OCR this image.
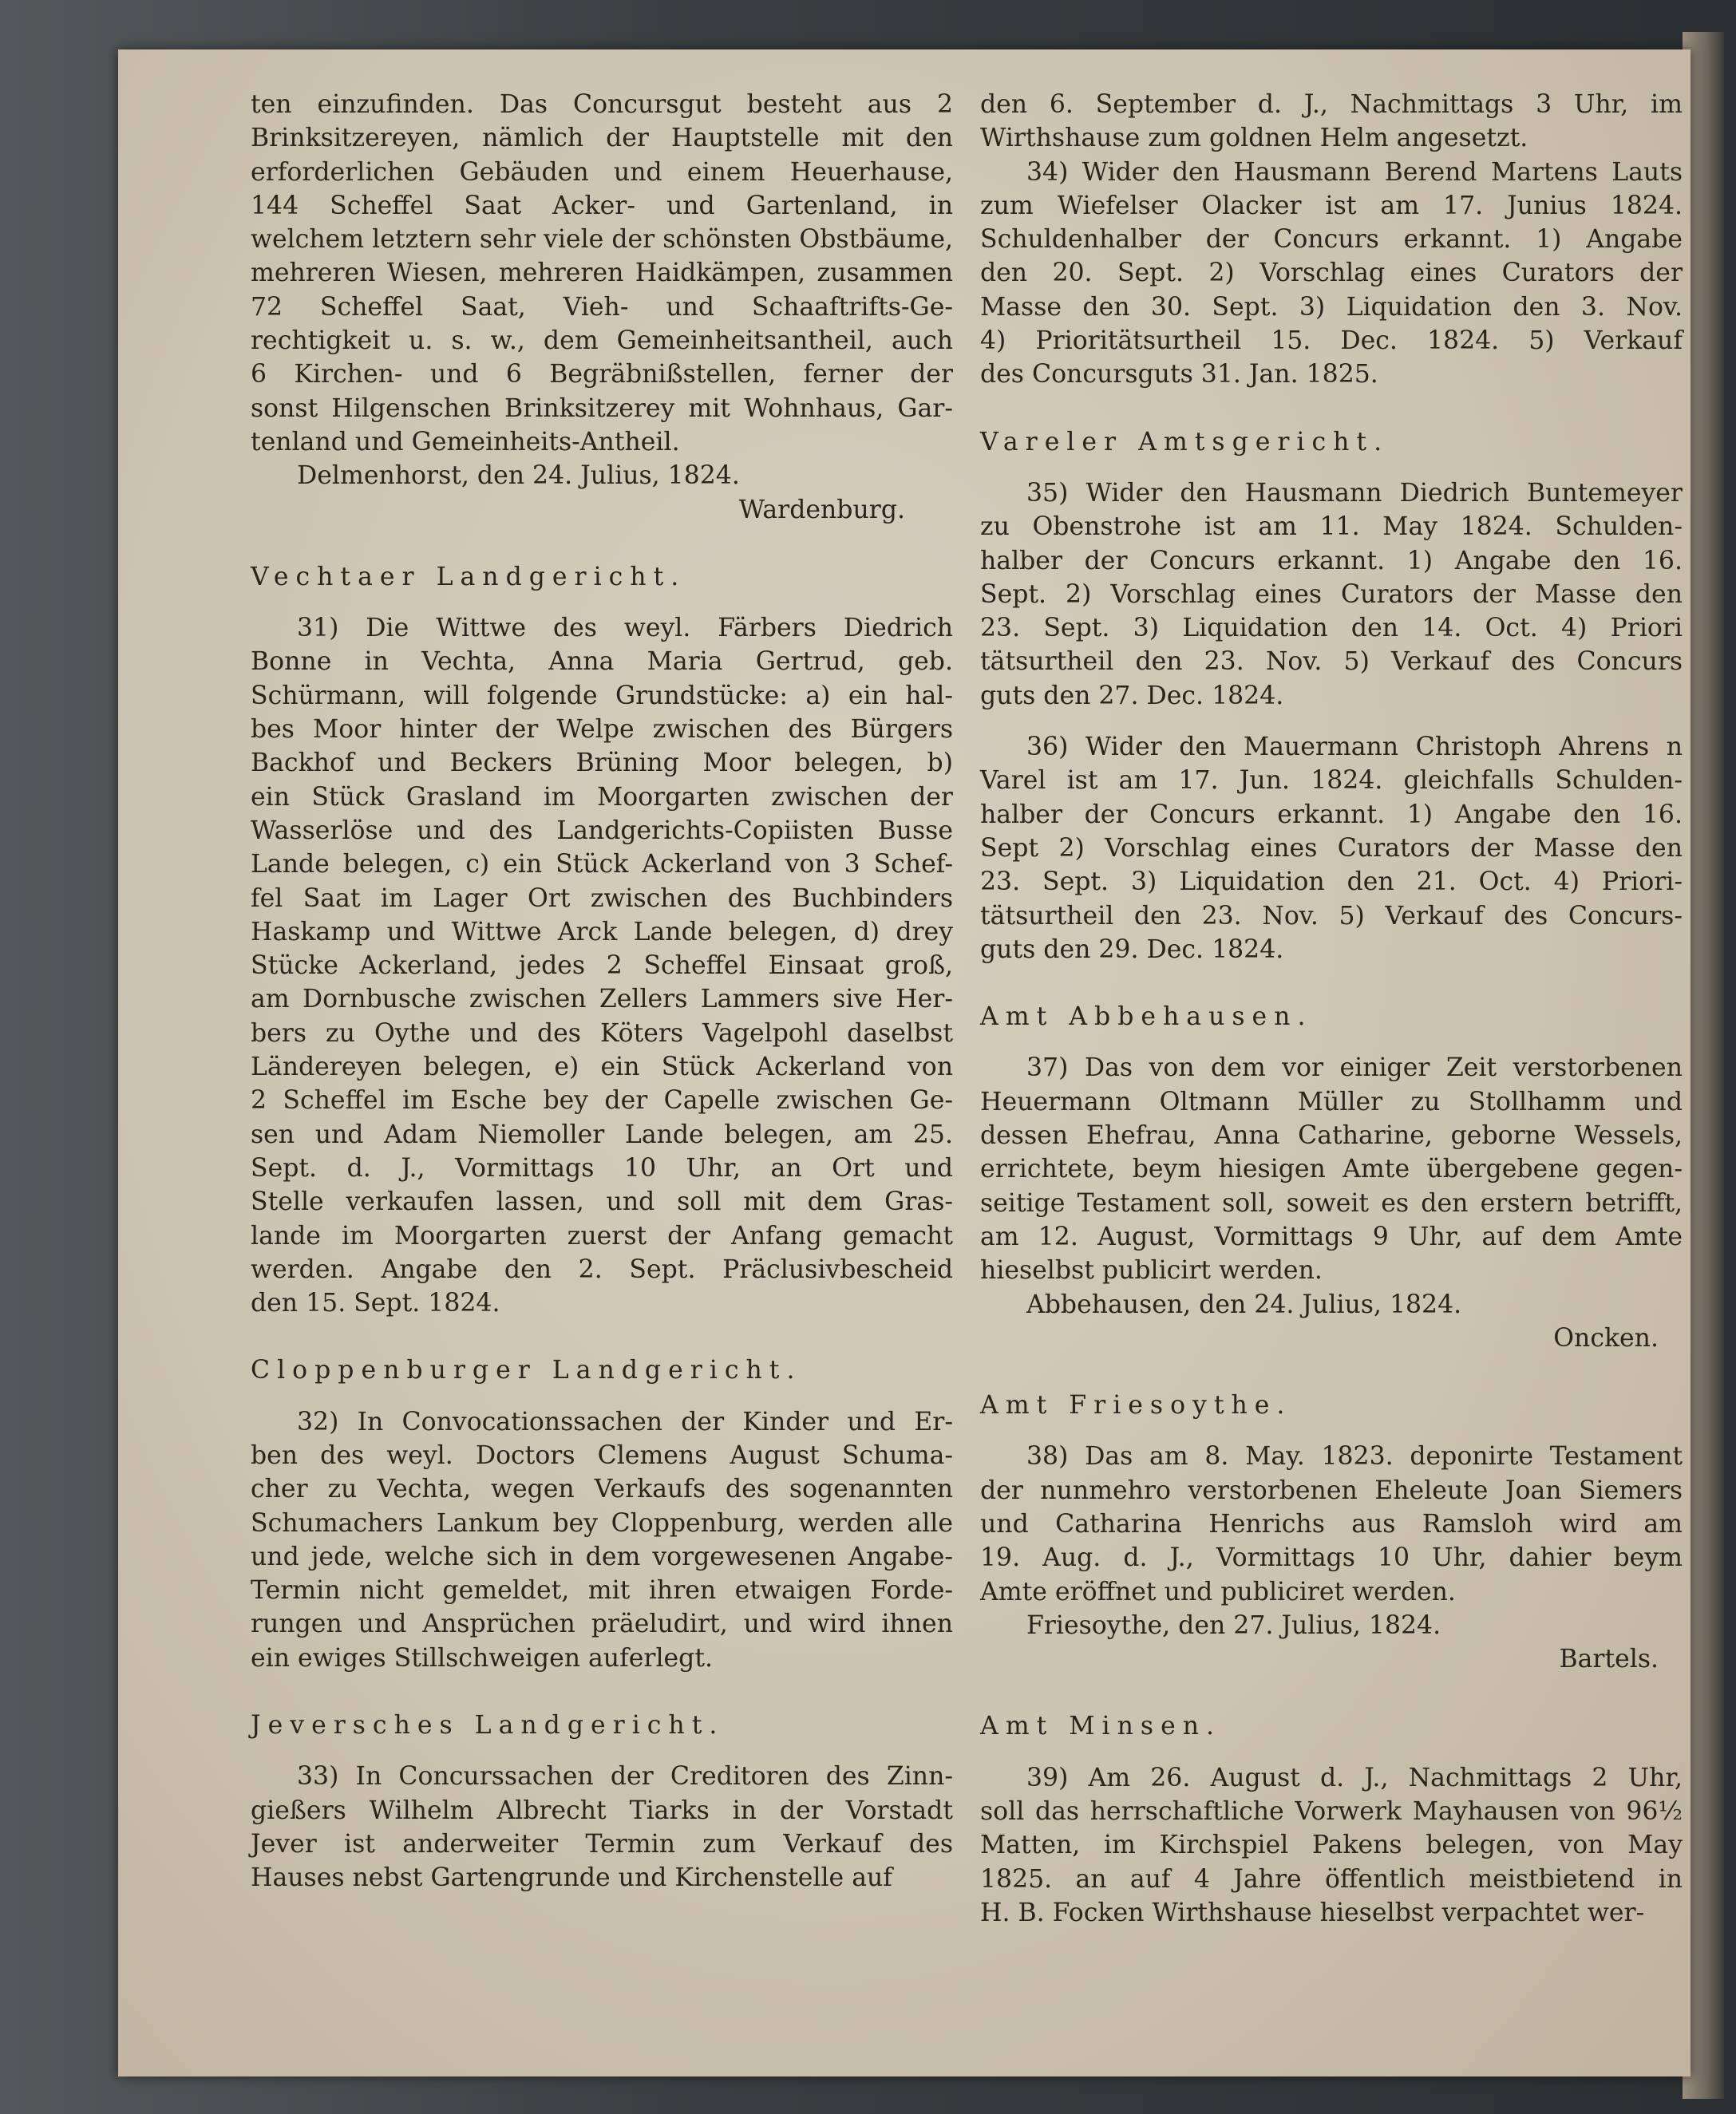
ten einzufinden. Das Concursgut besteht aus 2

Brinksitzereyen, nämlich der Hauptstelle mit den

erforderlichen Gebäuden und einem Heuerhause,

144 Scheffel Saat Acker- und Gartenland, in

welchem letztern sehr viele der schönsten Obstbäume,

mehreren Wiesen, mehreren Haidkämpen, zusammen

72 Scheffel Saat, Vieh- und Schaaftrifts-Ge-

rechtigkeit u. s. w., dem Gemeinheitsantheil, auch

6 Kirchen- und 6 Begräbnißstellen, ferner der

sonst Hilgenschen Brinksitzerey mit Wohnhaus, Gar-

tenland und Gemeinheits-Antheil.

Delmenhorst, den 24. Julius, 1824.

Wardenburg.

Vechtaer Landgericht.

31) Die Wittwe des weyl. Färbers Diedrich

Bonne in Vechta, Anna Maria Gertrud, geb.

Schürmann, will folgende Grundstücke: a) ein hal-

bes Moor hinter der Welpe zwischen des Bürgers

Backhof und Beckers Brüning Moor belegen, b)

ein Stück Grasland im Moorgarten zwischen der

Wasserlöse und des Landgerichts-Copiisten Busse

Lande belegen, c) ein Stück Ackerland von 3 Schef-

fel Saat im Lager Ort zwischen des Buchbinders

Haskamp und Wittwe Arck Lande belegen, d) drey

Stücke Ackerland, jedes 2 Scheffel Einsaat groß,

am Dornbusche zwischen Zellers Lammers sive Her-

bers zu Oythe und des Köters Vagelpohl daselbst

Ländereyen belegen, e) ein Stück Ackerland von

2 Scheffel im Esche bey der Capelle zwischen Ge-

sen und Adam Niemoller Lande belegen, am 25.

Sept. d. J., Vormittags 10 Uhr, an Ort und

Stelle verkaufen lassen, und soll mit dem Gras-

lande im Moorgarten zuerst der Anfang gemacht

werden. Angabe den 2. Sept. Präclusivbescheid

den 15. Sept. 1824.

Cloppenburger Landgericht.

32) In Convocationssachen der Kinder und Er-

ben des weyl. Doctors Clemens August Schuma-

cher zu Vechta, wegen Verkaufs des sogenannten

Schumachers Lankum bey Cloppenburg, werden alle

und jede, welche sich in dem vorgewesenen Angabe-

Termin nicht gemeldet, mit ihren etwaigen Forde-

rungen und Ansprüchen präeludirt, und wird ihnen

ein ewiges Stillschweigen auferlegt.

Jeversches Landgericht.

33) In Concurssachen der Creditoren des Zinn-

gießers Wilhelm Albrecht Tiarks in der Vorstadt

Jever ist anderweiter Termin zum Verkauf des

Hauses nebst Gartengrunde und Kirchenstelle auf

den 6. September d. J., Nachmittags 3 Uhr, im

Wirthshause zum goldnen Helm angesetzt.

34) Wider den Hausmann Berend Martens Lauts

zum Wiefelser Olacker ist am 17. Junius 1824.

Schuldenhalber der Concurs erkannt. 1) Angabe

den 20. Sept. 2) Vorschlag eines Curators der

Masse den 30. Sept. 3) Liquidation den 3. Nov.

4) Prioritätsurtheil 15. Dec. 1824. 5) Verkauf

des Concursguts 31. Jan. 1825.

Vareler Amtsgericht.

35) Wider den Hausmann Diedrich Buntemeyer

zu Obenstrohe ist am 11. May 1824. Schulden-

halber der Concurs erkannt. 1) Angabe den 16.

Sept. 2) Vorschlag eines Curators der Masse den

23. Sept. 3) Liquidation den 14. Oct. 4) Priori

tätsurtheil den 23. Nov. 5) Verkauf des Concurs

guts den 27. Dec. 1824.

36) Wider den Mauermann Christoph Ahrens n

Varel ist am 17. Jun. 1824. gleichfalls Schulden-

halber der Concurs erkannt. 1) Angabe den 16.

Sept 2) Vorschlag eines Curators der Masse den

23. Sept. 3) Liquidation den 21. Oct. 4) Priori-

tätsurtheil den 23. Nov. 5) Verkauf des Concurs-

guts den 29. Dec. 1824.

Amt Abbehausen.

37) Das von dem vor einiger Zeit verstorbenen

Heuermann Oltmann Müller zu Stollhamm und

dessen Ehefrau, Anna Catharine, geborne Wessels,

errichtete, beym hiesigen Amte übergebene gegen-

seitige Testament soll, soweit es den erstern betrifft,

am 12. August, Vormittags 9 Uhr, auf dem Amte

hieselbst publicirt werden.

Abbehausen, den 24. Julius, 1824.

Oncken.

Amt Friesoythe.

38) Das am 8. May. 1823. deponirte Testament

der nunmehro verstorbenen Eheleute Joan Siemers

und Catharina Henrichs aus Ramsloh wird am

19. Aug. d. J., Vormittags 10 Uhr, dahier beym

Amte eröffnet und publiciret werden.

Friesoythe, den 27. Julius, 1824.

Bartels.

Amt Minsen.

39) Am 26. August d. J., Nachmittags 2 Uhr,

soll das herrschaftliche Vorwerk Mayhausen von 96½

Matten, im Kirchspiel Pakens belegen, von May

1825. an auf 4 Jahre öffentlich meistbietend in

H. B. Focken Wirthshause hieselbst verpachtet wer-
